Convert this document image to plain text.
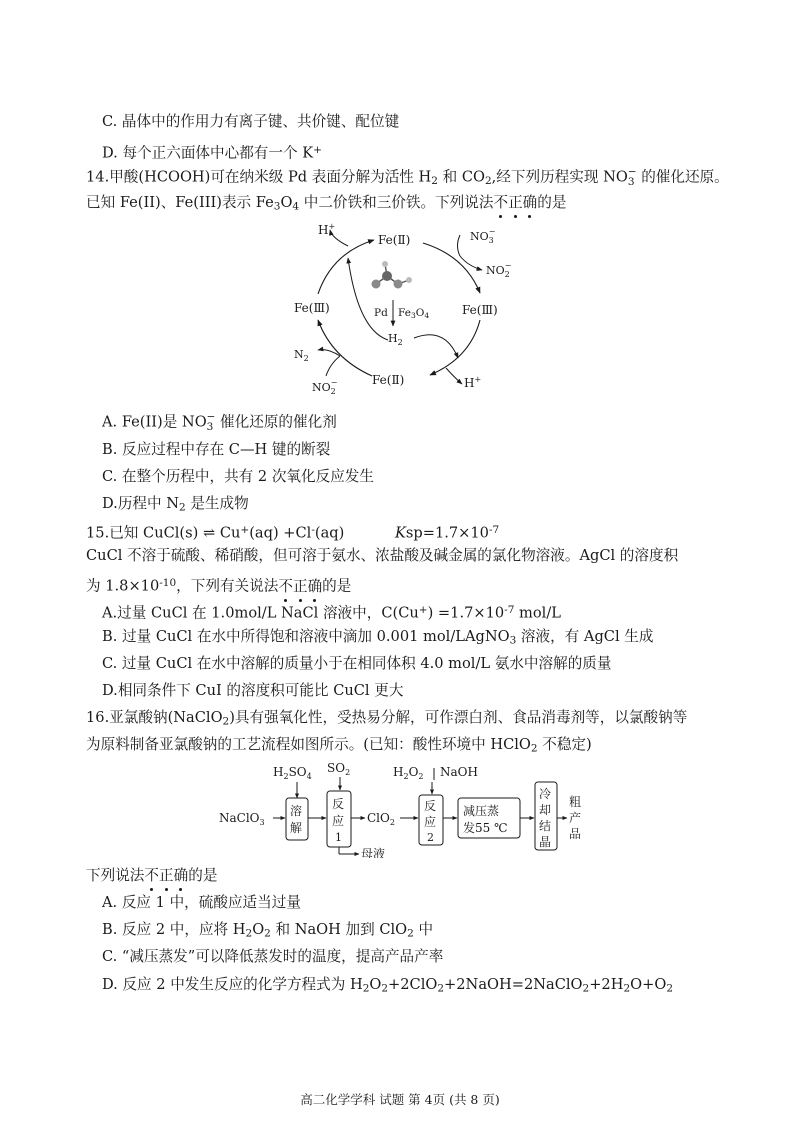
C. 晶体中的作用力有离子键、共价键、配位键
D. 每个正六面体中心都有一个 K+
14.甲酸(HCOOH)可在纳米级 Pd 表面分解为活性 $H_2$ 和 $CO_2$,经下列历程实现 NO −
3 的催化还原。
已知 Fe(II)、Fe(III)表示 $Fe_3O_4$ 中二价铁和三价铁。下列说法不正确的是
Fe(Ⅱ)
Fe(Ⅲ)
Fe(Ⅱ)
Fe(Ⅲ)
H+
H+
$NO_3-$
$NO_2-$
$NO_2-$
$N_2$
Pd Fe3O4
$H_2$
A. Fe(II)是 NO −
3 催化还原的催化剂
B. 反应过程中存在 C—H 键的断裂
C. 在整个历程中，共有 2 次氧化反应发生
D.历程中 $N_2$ 是生成物
15.已知 CuCl(s) ⇌ Cu+(aq) +Cl-(aq)	$Ksp=1.7\times 10^{-7}$
CuCl 不溶于硫酸、稀硝酸，但可溶于氨水、浓盐酸及碱金属的氯化物溶液。AgCl 的溶度积
为 $1.8\times 10^{-10}$，下列有关说法不正确的是
A.过量 CuCl 在 1.0mol/L NaCl 溶液中，$C(Cu^+) =1.7\times 10^{-7}$ mol/L
B. 过量 CuCl 在水中所得饱和溶液中滴加 0.001 mol/LAgNO$_3$ 溶液，有 AgCl 生成
C. 过量 CuCl 在水中溶解的质量小于在相同体积 4.0 mol/L 氨水中溶解的质量
D.相同条件下 CuI 的溶度积可能比 CuCl 更大
16.亚氯酸钠(NaClO$_2$)具有强氧化性，受热易分解，可作漂白剂、食品消毒剂等，以氯酸钠等
为原料制备亚氯酸钠的工艺流程如图所示。(已知：酸性环境中 HClO$_2$ 不稳定)
$H_2SO_4$
$SO_2$	$H_2O_2$ NaOH
NaClO$_3$
溶
解
反
应
1
ClO$_2$
母液
反
应
2
减压蒸
发55 ℃
冷
却
结
晶
粗
产
品
下列说法不正确的是
A. 反应 1 中，硫酸应适当过量
B. 反应 2 中，应将 $H_2O_2$ 和 NaOH 加到 ClO$_2$ 中
C. “减压蒸发”可以降低蒸发时的温度，提高产品产率
D. 反应 2 中发生反应的化学方程式为 $H_2O_2+2ClO_2+2NaOH=2NaClO_2+2H_2O+O_2$
高二化学学科 试题 第 4页 (共 8 页)
